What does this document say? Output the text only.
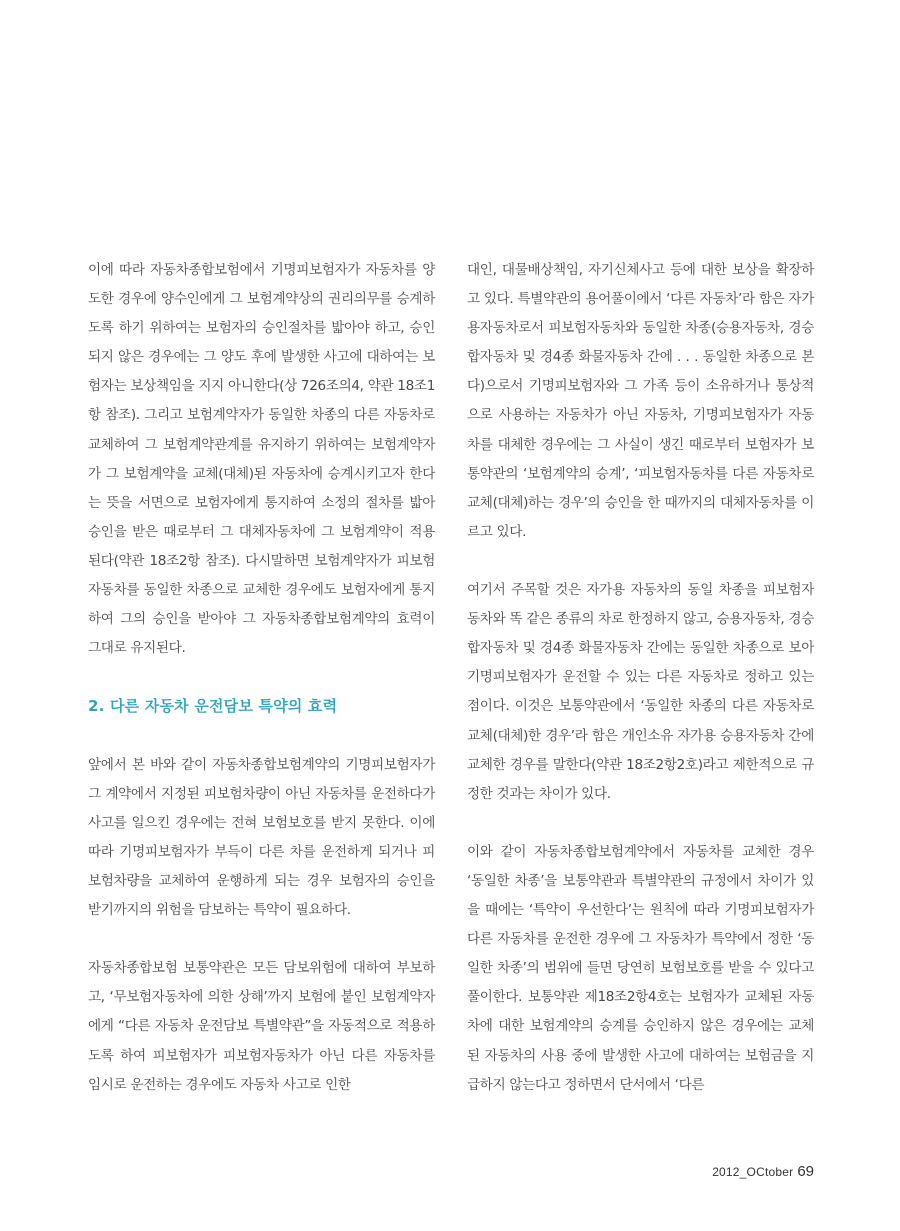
이에 따라 자동차종합보험에서 기명피보험자가 자동차를 양도한 경우에 양수인에게 그 보험계약상의 권리의무를 승계하도록 하기 위하여는 보험자의 승인절차를 밟아야 하고, 승인되지 않은 경우에는 그 양도 후에 발생한 사고에 대하여는 보험자는 보상책임을 지지 아니한다(상 726조의4, 약관 18조1항 참조). 그리고 보험계약자가 동일한 차종의 다른 자동차로 교체하여 그 보험계약관계를 유지하기 위하여는 보험계약자가 그 보험계약을 교체(대체)된 자동차에 승계시키고자 한다는 뜻을 서면으로 보험자에게 통지하여 소정의 절차를 밟아승인을 받은 때로부터 그 대체자동차에 그 보험계약이 적용된다(약관 18조2항 참조). 다시말하면 보험계약자가 피보험자동차를 동일한 차종으로 교체한 경우에도 보험자에게 통지하여 그의 승인을 받아야 그 자동차종합보험계약의 효력이 그대로 유지된다.

2. 다른 자동차 운전담보 특약의 효력

앞에서 본 바와 같이 자동차종합보험계약의 기명피보험자가 그 계약에서 지정된 피보험차량이 아닌 자동차를 운전하다가 사고를 일으킨 경우에는 전혀 보험보호를 받지 못한다. 이에 따라 기명피보험자가 부득이 다른 차를 운전하게 되거나 피보험차량을 교체하여 운행하게 되는 경우 보험자의 승인을 받기까지의 위험을 담보하는 특약이 필요하다.

자동차종합보험 보통약관은 모든 담보위험에 대하여 부보하고, ‘무보험자동차에 의한 상해’까지 보험에 붙인 보험계약자에게 “다른 자동차 운전담보 특별약관”을 자동적으로 적용하도록 하여 피보험자가 피보험자동차가 아닌 다른 자동차를 임시로 운전하는 경우에도 자동차 사고로 인한

대인, 대물배상책임, 자기신체사고 등에 대한 보상을 확장하고 있다. 특별약관의 용어풀이에서 ‘다른 자동차’라 함은 자가용자동차로서 피보험자동차와 동일한 차종(승용자동차, 경승합자동차 및 경4종 화물자동차 간에 . . . 동일한 차종으로 본다)으로서 기명피보험자와 그 가족 등이 소유하거나 통상적으로 사용하는 자동차가 아닌 자동차, 기명피보험자가 자동차를 대체한 경우에는 그 사실이 생긴 때로부터 보험자가 보통약관의 ‘보험계약의 승계’, ‘피보험자동차를 다른 자동차로 교체(대체)하는 경우’의 승인을 한 때까지의 대체자동차를 이르고 있다.

여기서 주목할 것은 자가용 자동차의 동일 차종을 피보험자동차와 똑 같은 종류의 차로 한정하지 않고, 승용자동차, 경승합자동차 및 경4종 화물자동차 간에는 동일한 차종으로 보아 기명피보험자가 운전할 수 있는 다른 자동차로 정하고 있는 점이다. 이것은 보통약관에서 ‘동일한 차종의 다른 자동차로 교체(대체)한 경우’라 함은 개인소유 자가용 승용자동차 간에 교체한 경우를 말한다(약관 18조2항2호)라고 제한적으로 규정한 것과는 차이가 있다.

이와 같이 자동차종합보험계약에서 자동차를 교체한 경우 ‘동일한 차종’을 보통약관과 특별약관의 규정에서 차이가 있을 때에는 ‘특약이 우선한다’는 원칙에 따라 기명피보험자가 다른 자동차를 운전한 경우에 그 자동차가 특약에서 정한 ‘동일한 차종’의 범위에 들면 당연히 보험보호를 받을 수 있다고 풀이한다. 보통약관 제18조2항4호는 보험자가 교체된 자동차에 대한 보험계약의 승계를 승인하지 않은 경우에는 교체된 자동차의 사용 중에 발생한 사고에 대하여는 보험금을 지급하지 않는다고 정하면서 단서에서 ‘다른

2012_OCtober 69
